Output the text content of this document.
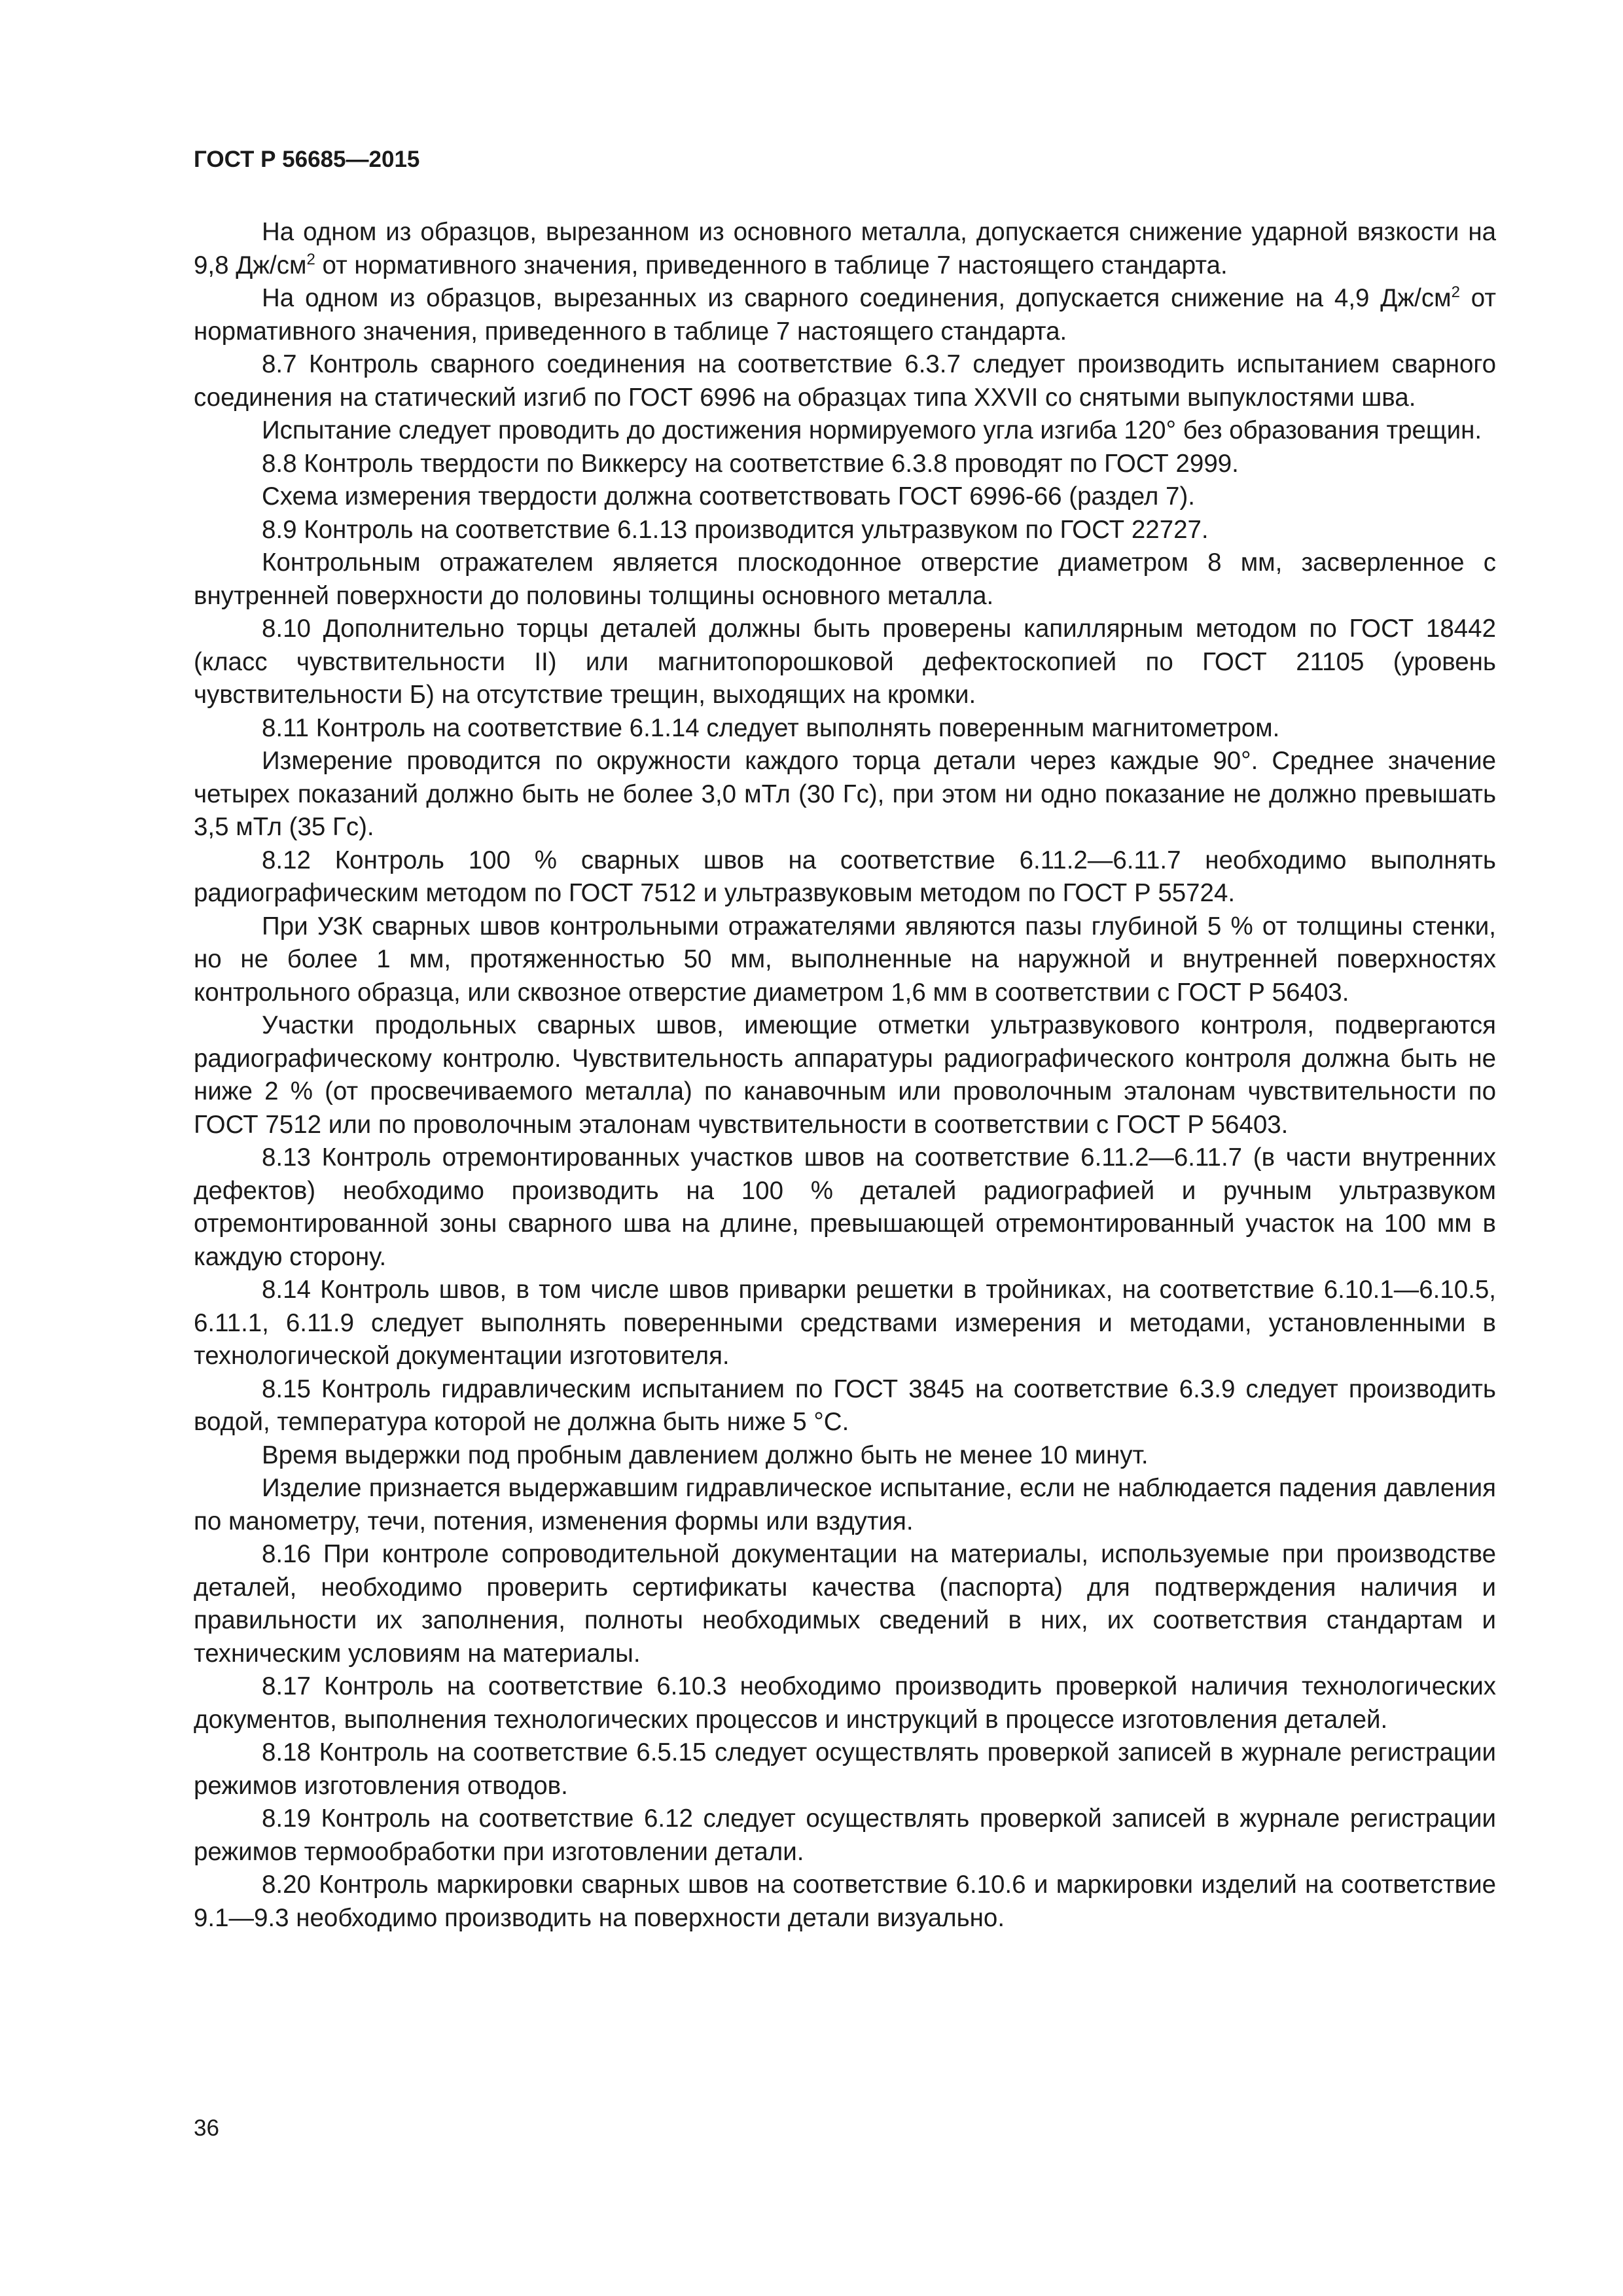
ГОСТ Р 56685—2015

На одном из образцов, вырезанном из основного металла, допускается снижение ударной вязкости на 9,8 $Дж/см^2$ от нормативного значения, приведенного в таблице 7 настоящего стандарта.

На одном из образцов, вырезанных из сварного соединения, допускается снижение на 4,9 $Дж/см^2$ от нормативного значения, приведенного в таблице 7 настоящего стандарта.

8.7 Контроль сварного соединения на соответствие 6.3.7 следует производить испытанием сварного соединения на статический изгиб по ГОСТ 6996 на образцах типа XXVII со снятыми выпуклостями шва.

Испытание следует проводить до достижения нормируемого угла изгиба 120° без образования трещин.

8.8 Контроль твердости по Виккерсу на соответствие 6.3.8 проводят по ГОСТ 2999.

Схема измерения твердости должна соответствовать ГОСТ 6996-66 (раздел 7).

8.9 Контроль на соответствие 6.1.13 производится ультразвуком по ГОСТ 22727.

Контрольным отражателем является плоскодонное отверстие диаметром 8 мм, засверленное с внутренней поверхности до половины толщины основного металла.

8.10 Дополнительно торцы деталей должны быть проверены капиллярным методом по ГОСТ 18442 (класс чувствительности II) или магнитопорошковой дефектоскопией по ГОСТ 21105 (уровень чувствительности Б) на отсутствие трещин, выходящих на кромки.

8.11 Контроль на соответствие 6.1.14 следует выполнять поверенным магнитометром.

Измерение проводится по окружности каждого торца детали через каждые 90°. Среднее значение четырех показаний должно быть не более 3,0 мТл (30 Гс), при этом ни одно показание не должно превышать 3,5 мТл (35 Гс).

8.12 Контроль 100 % сварных швов на соответствие 6.11.2—6.11.7 необходимо выполнять радиографическим методом по ГОСТ 7512 и ультразвуковым методом по ГОСТ Р 55724.

При УЗК сварных швов контрольными отражателями являются пазы глубиной 5 % от толщины стенки, но не более 1 мм, протяженностью 50 мм, выполненные на наружной и внутренней поверхностях контрольного образца, или сквозное отверстие диаметром 1,6 мм в соответствии с ГОСТ Р 56403.

Участки продольных сварных швов, имеющие отметки ультразвукового контроля, подвергаются радиографическому контролю. Чувствительность аппаратуры радиографического контроля должна быть не ниже 2 % (от просвечиваемого металла) по канавочным или проволочным эталонам чувствительности по ГОСТ 7512 или по проволочным эталонам чувствительности в соответствии с ГОСТ Р 56403.

8.13 Контроль отремонтированных участков швов на соответствие 6.11.2—6.11.7 (в части внутренних дефектов) необходимо производить на 100 % деталей радиографией и ручным ультразвуком отремонтированной зоны сварного шва на длине, превышающей отремонтированный участок на 100 мм в каждую сторону.

8.14 Контроль швов, в том числе швов приварки решетки в тройниках, на соответствие 6.10.1—6.10.5, 6.11.1, 6.11.9 следует выполнять поверенными средствами измерения и методами, установленными в технологической документации изготовителя.

8.15 Контроль гидравлическим испытанием по ГОСТ 3845 на соответствие 6.3.9 следует производить водой, температура которой не должна быть ниже 5 °C.

Время выдержки под пробным давлением должно быть не менее 10 минут.

Изделие признается выдержавшим гидравлическое испытание, если не наблюдается падения давления по манометру, течи, потения, изменения формы или вздутия.

8.16 При контроле сопроводительной документации на материалы, используемые при производстве деталей, необходимо проверить сертификаты качества (паспорта) для подтверждения наличия и правильности их заполнения, полноты необходимых сведений в них, их соответствия стандартам и техническим условиям на материалы.

8.17 Контроль на соответствие 6.10.3 необходимо производить проверкой наличия технологических документов, выполнения технологических процессов и инструкций в процессе изготовления деталей.

8.18 Контроль на соответствие 6.5.15 следует осуществлять проверкой записей в журнале регистрации режимов изготовления отводов.

8.19 Контроль на соответствие 6.12 следует осуществлять проверкой записей в журнале регистрации режимов термообработки при изготовлении детали.

8.20 Контроль маркировки сварных швов на соответствие 6.10.6 и маркировки изделий на соответствие 9.1—9.3 необходимо производить на поверхности детали визуально.

36
